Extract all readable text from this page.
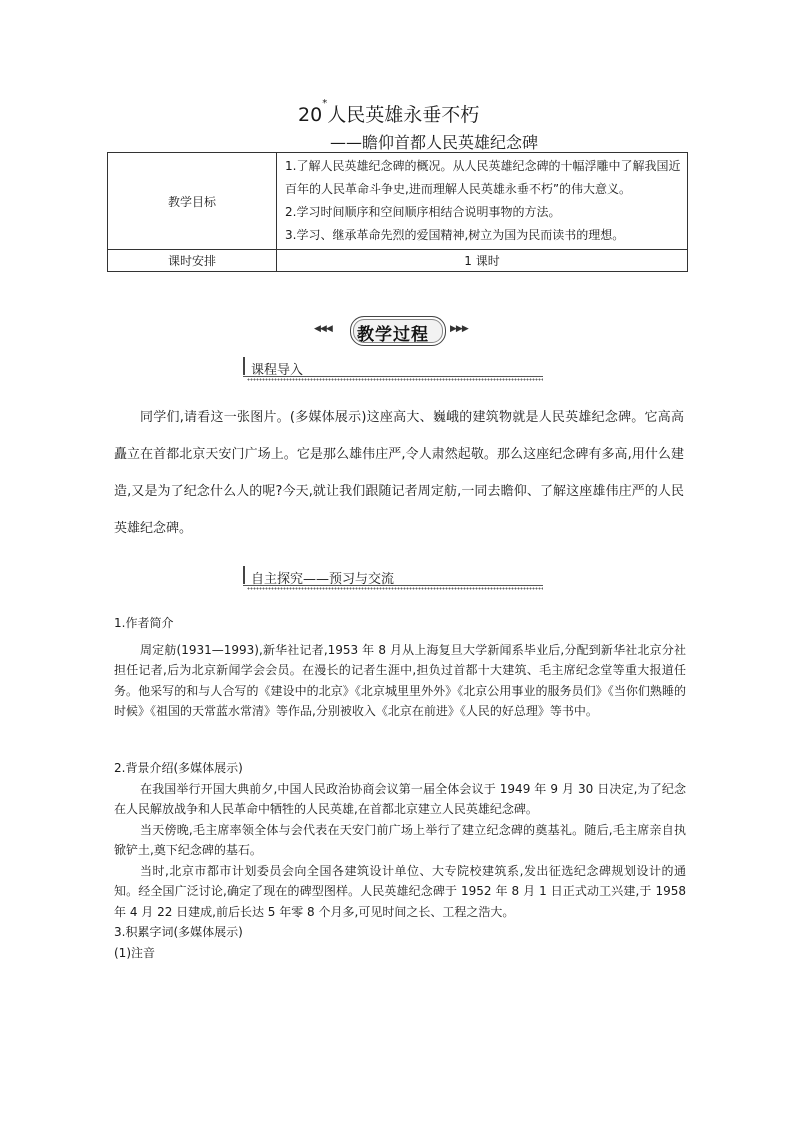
20*人民英雄永垂不朽
——瞻仰首都人民英雄纪念碑
教学目标	1.了解人民英雄纪念碑的概况。从人民英雄纪念碑的十幅浮雕中了解我国近百年的人民革命斗争史,进而理解人民英雄永垂不朽”的伟大意义。

2.学习时间顺序和空间顺序相结合说明事物的方法。

3.学习、继承革命先烈的爱国精神,树立为国为民而读书的理想。

课时安排	1 课时
◀◀◀ 教学过程 ▶▶▶
课程导入

同学们,请看这一张图片。(多媒体展示)这座高大、巍峨的建筑物就是人民英雄纪念碑。它高高矗立在首都北京天安门广场上。它是那么雄伟庄严,令人肃然起敬。那么这座纪念碑有多高,用什么建造,又是为了纪念什么人的呢?今天,就让我们跟随记者周定舫,一同去瞻仰、了解这座雄伟庄严的人民英雄纪念碑。

自主探究——预习与交流

1.作者简介

周定舫(1931—1993),新华社记者,1953 年 8 月从上海复旦大学新闻系毕业后,分配到新华社北京分社担任记者,后为北京新闻学会会员。在漫长的记者生涯中,担负过首都十大建筑、毛主席纪念堂等重大报道任务。他采写的和与人合写的《建设中的北京》《北京城里里外外》《北京公用事业的服务员们》《当你们熟睡的时候》《祖国的天常蓝水常清》等作品,分别被收入《北京在前进》《人民的好总理》等书中。

2.背景介绍(多媒体展示)

在我国举行开国大典前夕,中国人民政治协商会议第一届全体会议于 1949 年 9 月 30 日决定,为了纪念在人民解放战争和人民革命中牺牲的人民英雄,在首都北京建立人民英雄纪念碑。

当天傍晚,毛主席率领全体与会代表在天安门前广场上举行了建立纪念碑的奠基礼。随后,毛主席亲自执锨铲土,奠下纪念碑的基石。

当时,北京市都市计划委员会向全国各建筑设计单位、大专院校建筑系,发出征选纪念碑规划设计的通知。经全国广泛讨论,确定了现在的碑型图样。人民英雄纪念碑于 1952 年 8 月 1 日正式动工兴建,于 1958 年 4 月 22 日建成,前后长达 5 年零 8 个月多,可见时间之长、工程之浩大。

3.积累字词(多媒体展示)

(1)注音
